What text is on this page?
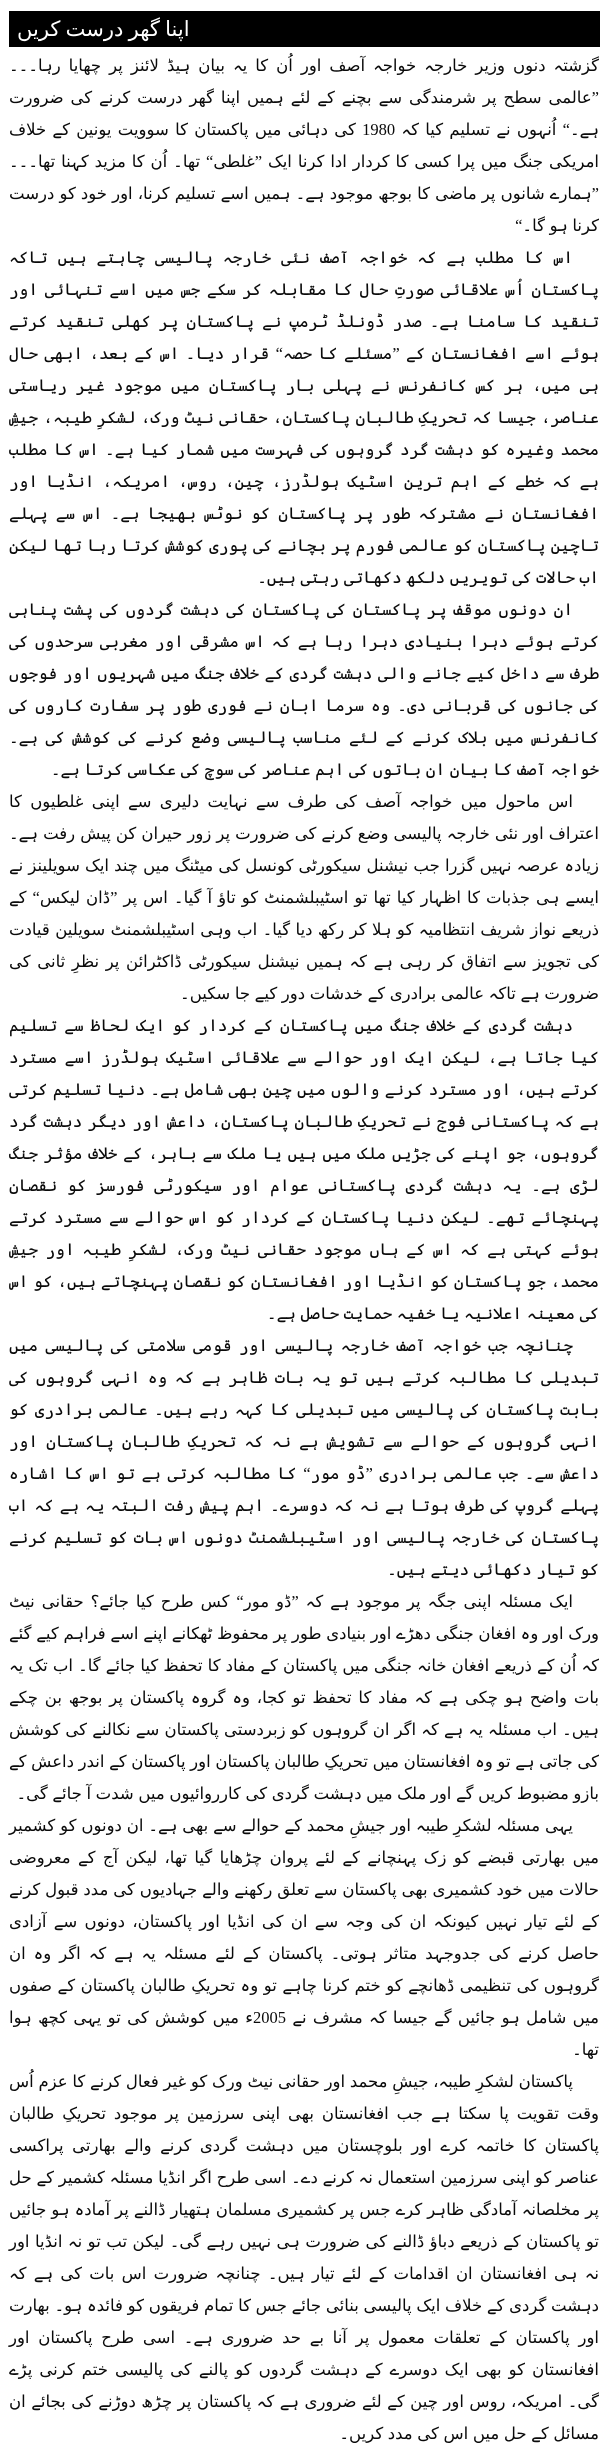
اپنا گھر درست کریں

گزشتہ دنوں وزیر خارجہ خواجہ آصف اور اُن کا یہ بیان ہیڈ لائنز پر چھایا رہا۔۔۔ ”عالمی سطح پر شرمندگی سے بچنے کے لئے ہمیں اپنا گھر درست کرنے کی ضرورت ہے۔“ اُنہوں نے تسلیم کیا کہ 1980 کی دہائی میں پاکستان کا سوویت یونین کے خلاف امریکی جنگ میں پرا کسی کا کردار ادا کرنا ایک ”غلطی“ تھا۔ اُن کا مزید کہنا تھا۔۔۔ ”ہمارے شانوں پر ماضی کا بوجھ موجود ہے۔ ہمیں اسے تسلیم کرنا، اور خود کو درست کرنا ہو گا۔“

اس کا مطلب ہے کہ خواجہ آصف نئی خارجہ پالیسی چاہتے ہیں تاکہ پاکستان اُس علاقائی صورتِ حال کا مقابلہ کر سکے جس میں اسے تنہائی اور تنقید کا سامنا ہے۔ صدر ڈونلڈ ٹرمپ نے پاکستان پر کھلی تنقید کرتے ہوئے اسے افغانستان کے ”مسئلے کا حصہ“ قرار دیا۔ اس کے بعد، ابھی حال ہی میں، ہر کس کانفرنس نے پہلی بار پاکستان میں موجود غیر ریاستی عناصر، جیسا کہ تحریکِ طالبان پاکستان، حقانی نیٹ ورک، لشکرِ طیبہ، جیشِ محمد وغیرہ کو دہشت گرد گروہوں کی فہرست میں شمار کیا ہے۔ اس کا مطلب ہے کہ خطے کے اہم ترین اسٹیک ہولڈرز، چین، روس، امریکہ، انڈیا اور افغانستان نے مشترکہ طور پر پاکستان کو نوٹس بھیجا ہے۔ اس سے پہلے تاچین پاکستان کو عالمی فورم پر بچانے کی پوری کوشش کرتا رہا تھا لیکن اب حالات کی تویریں دلکھ دکھاتی رہتی ہیں۔

ان دونوں موقف پر پاکستان کی پاکستان کی دہشت گردوں کی پشت پناہی کرتے ہوئے دہرا بنیادی دہرا رہا ہے کہ اس مشرقی اور مغربی سرحدوں کی طرف سے داخل کیے جانے والی دہشت گردی کے خلاف جنگ میں شہریوں اور فوجوں کی جانوں کی قربانی دی۔ وہ سرما ابان نے فوری طور پر سفارت کاروں کی کانفرنس میں بلاک کرنے کے لئے مناسب پالیسی وضع کرنے کی کوشش کی ہے۔ خواجہ آصف کا بیان ان باتوں کی اہم عناصر کی سوچ کی عکاسی کرتا ہے۔

اس ماحول میں خواجہ آصف کی طرف سے نہایت دلیری سے اپنی غلطیوں کا اعتراف اور نئی خارجہ پالیسی وضع کرنے کی ضرورت پر زور حیران کن پیش رفت ہے۔ زیادہ عرصہ نہیں گزرا جب نیشنل سیکورٹی کونسل کی میٹنگ میں چند ایک سویلینز نے ایسے ہی جذبات کا اظہار کیا تھا تو اسٹیبلشمنٹ کو تاؤ آ گیا۔ اس پر ”ڈان لیکس“ کے ذریعے نواز شریف انتظامیہ کو ہلا کر رکھ دیا گیا۔ اب وہی اسٹیبلشمنٹ سویلین قیادت کی تجویز سے اتفاق کر رہی ہے کہ ہمیں نیشنل سیکورٹی ڈاکٹرائن پر نظرِ ثانی کی ضرورت ہے تاکہ عالمی برادری کے خدشات دور کیے جا سکیں۔

دہشت گردی کے خلاف جنگ میں پاکستان کے کردار کو ایک لحاظ سے تسلیم کیا جاتا ہے، لیکن ایک اور حوالے سے علاقائی اسٹیک ہولڈرز اسے مسترد کرتے ہیں، اور مسترد کرنے والوں میں چین بھی شامل ہے۔ دنیا تسلیم کرتی ہے کہ پاکستانی فوج نے تحریکِ طالبان پاکستان، داعش اور دیگر دہشت گرد گروہوں، جو اپنے کی جڑیں ملک میں ہیں یا ملک سے باہر، کے خلاف مؤثر جنگ لڑی ہے۔ یہ دہشت گردی پاکستانی عوام اور سیکورٹی فورسز کو نقصان پہنچائے تھے۔ لیکن دنیا پاکستان کے کردار کو اس حوالے سے مسترد کرتے ہوئے کہتی ہے کہ اس کے ہاں موجود حقانی نیٹ ورک، لشکرِ طیبہ اور جیشِ محمد، جو پاکستان کو انڈیا اور افغانستان کو نقصان پہنچاتے ہیں، کو اس کی معینہ اعلانیہ یا خفیہ حمایت حاصل ہے۔

چنانچہ جب خواجہ آصف خارجہ پالیسی اور قومی سلامتی کی پالیسی میں تبدیلی کا مطالبہ کرتے ہیں تو یہ بات ظاہر ہے کہ وہ انہی گروہوں کی بابت پاکستان کی پالیسی میں تبدیلی کا کہہ رہے ہیں۔ عالمی برادری کو انہی گروہوں کے حوالے سے تشویش ہے نہ کہ تحریکِ طالبان پاکستان اور داعش سے۔ جب عالمی برادری ”ڈو مور“ کا مطالبہ کرتی ہے تو اس کا اشارہ پہلے گروپ کی طرف ہوتا ہے نہ کہ دوسرے۔ اہم پیش رفت البتہ یہ ہے کہ اب پاکستان کی خارجہ پالیسی اور اسٹیبلشمنٹ دونوں اس بات کو تسلیم کرنے کو تیار دکھائی دیتے ہیں۔

ایک مسئلہ اپنی جگہ پر موجود ہے کہ ”ڈو مور“ کس طرح کیا جائے؟ حقانی نیٹ ورک اور وہ افغان جنگی دھڑے اور بنیادی طور پر محفوظ ٹھکانے اپنے اسے فراہم کیے گئے کہ اُن کے ذریعے افغان خانہ جنگی میں پاکستان کے مفاد کا تحفظ کیا جائے گا۔ اب تک یہ بات واضح ہو چکی ہے کہ مفاد کا تحفظ تو کجا، وہ گروہ پاکستان پر بوجھ بن چکے ہیں۔ اب مسئلہ یہ ہے کہ اگر ان گروہوں کو زبردستی پاکستان سے نکالنے کی کوشش کی جاتی ہے تو وہ افغانستان میں تحریکِ طالبان پاکستان اور پاکستان کے اندر داعش کے بازو مضبوط کریں گے اور ملک میں دہشت گردی کی کارروائیوں میں شدت آ جائے گی۔

یہی مسئلہ لشکرِ طیبہ اور جیشِ محمد کے حوالے سے بھی ہے۔ ان دونوں کو کشمیر میں بھارتی قبضے کو زک پہنچانے کے لئے پروان چڑھایا گیا تھا، لیکن آج کے معروضی حالات میں خود کشمیری بھی پاکستان سے تعلق رکھنے والے جہادیوں کی مدد قبول کرنے کے لئے تیار نہیں کیونکہ ان کی وجہ سے ان کی انڈیا اور پاکستان، دونوں سے آزادی حاصل کرنے کی جدوجہد متاثر ہوتی۔ پاکستان کے لئے مسئلہ یہ ہے کہ اگر وہ ان گروہوں کی تنظیمی ڈھانچے کو ختم کرنا چاہے تو وہ تحریکِ طالبان پاکستان کے صفوں میں شامل ہو جائیں گے جیسا کہ مشرف نے 2005ء میں کوشش کی تو یہی کچھ ہوا تھا۔

پاکستان لشکرِ طیبہ، جیشِ محمد اور حقانی نیٹ ورک کو غیر فعال کرنے کا عزم اُس وقت تقویت پا سکتا ہے جب افغانستان بھی اپنی سرزمین پر موجود تحریکِ طالبان پاکستان کا خاتمہ کرے اور بلوچستان میں دہشت گردی کرنے والے بھارتی پراکسی عناصر کو اپنی سرزمین استعمال نہ کرنے دے۔ اسی طرح اگر انڈیا مسئلہ کشمیر کے حل پر مخلصانہ آمادگی ظاہر کرے جس پر کشمیری مسلمان ہتھیار ڈالنے پر آمادہ ہو جائیں تو پاکستان کے ذریعے دباؤ ڈالنے کی ضرورت ہی نہیں رہے گی۔ لیکن تب تو نہ انڈیا اور نہ ہی افغانستان ان اقدامات کے لئے تیار ہیں۔ چنانچہ ضرورت اس بات کی ہے کہ دہشت گردی کے خلاف ایک پالیسی بنائی جائے جس کا تمام فریقوں کو فائدہ ہو۔ بھارت اور پاکستان کے تعلقات معمول پر آنا بے حد ضروری ہے۔ اسی طرح پاکستان اور افغانستان کو بھی ایک دوسرے کے دہشت گردوں کو پالنے کی پالیسی ختم کرنی پڑے گی۔ امریکہ، روس اور چین کے لئے ضروری ہے کہ پاکستان پر چڑھ دوڑنے کی بجائے ان مسائل کے حل میں اس کی مدد کریں۔
